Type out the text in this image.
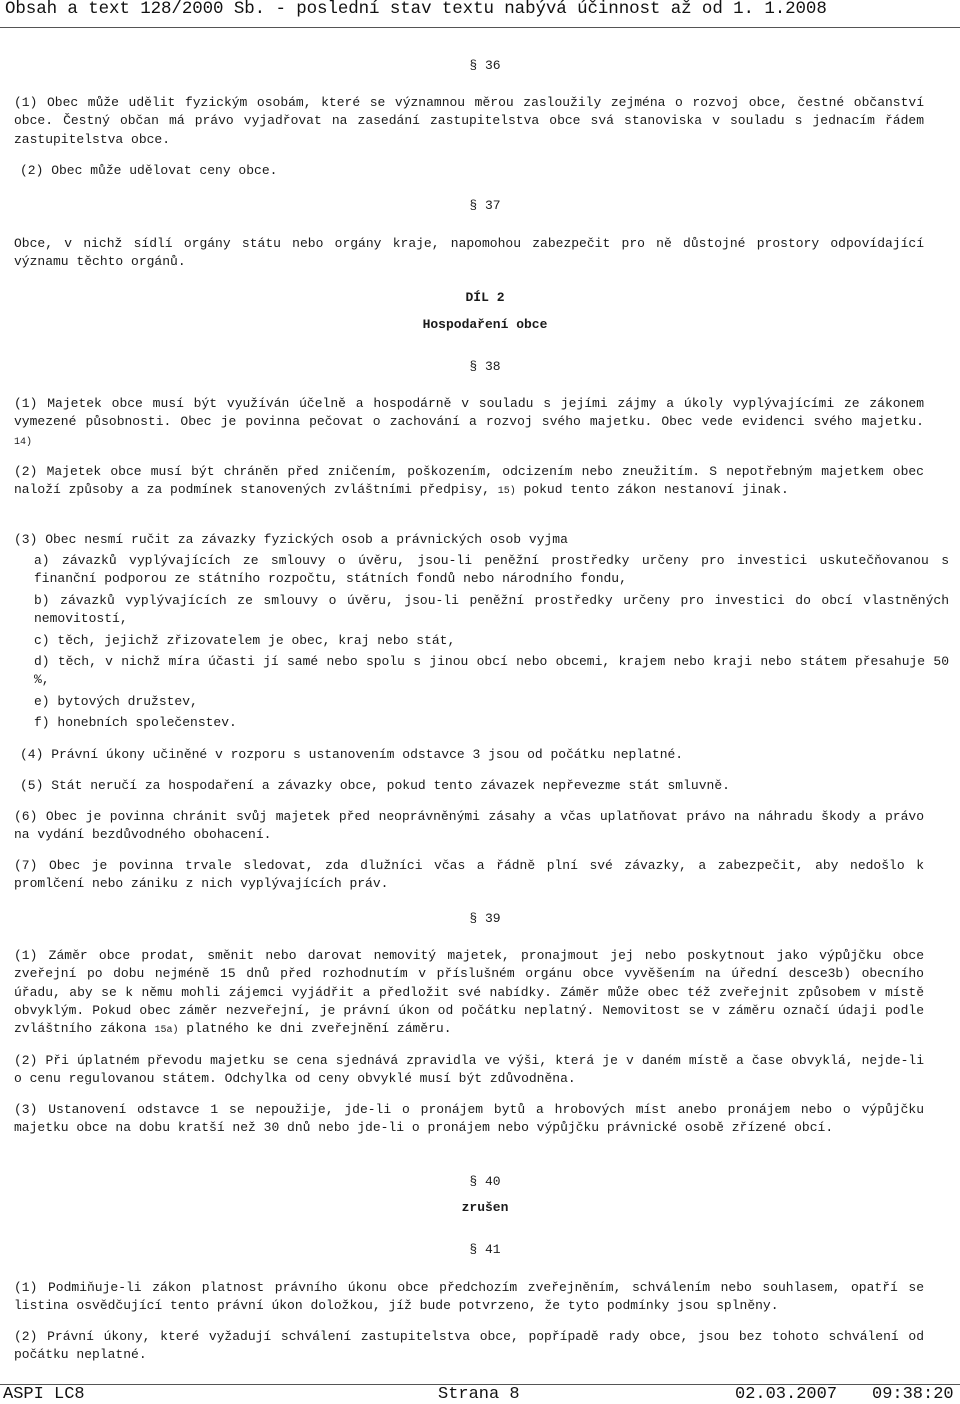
Obsah a text 128/2000 Sb. - poslední stav textu nabývá účinnost až od 1. 1.2008
§ 36
(1) Obec může udělit fyzickým osobám, které se významnou měrou zasloužily zejména o rozvoj obce, čestné občanství obce. Čestný občan má právo vyjadřovat na zasedání zastupitelstva obce svá stanoviska v souladu s jednacím řádem zastupitelstva obce.
(2) Obec může udělovat ceny obce.
§ 37
Obce, v nichž sídlí orgány státu nebo orgány kraje, napomohou zabezpečit pro ně důstojné prostory odpovídající významu těchto orgánů.
DÍL 2
Hospodaření obce
§ 38
(1) Majetek obce musí být využíván účelně a hospodárně v souladu s jejími zájmy a úkoly vyplývajícími ze zákonem vymezené působnosti. Obec je povinna pečovat o zachování a rozvoj svého majetku. Obec vede evidenci svého majetku. 14)
(2) Majetek obce musí být chráněn před zničením, poškozením, odcizením nebo zneužitím. S nepotřebným majetkem obec naloží způsoby a za podmínek stanovených zvláštními předpisy, 15) pokud tento zákon nestanoví jinak.
(3) Obec nesmí ručit za závazky fyzických osob a právnických osob vyjma
a) závazků vyplývajících ze smlouvy o úvěru, jsou-li peněžní prostředky určeny pro investici uskutečňovanou s finanční podporou ze státního rozpočtu, státních fondů nebo národního fondu,
b) závazků vyplývajících ze smlouvy o úvěru, jsou-li peněžní prostředky určeny pro investici do obcí vlastněných nemovitostí,
c) těch, jejichž zřizovatelem je obec, kraj nebo stát,
d) těch, v nichž míra účasti jí samé nebo spolu s jinou obcí nebo obcemi, krajem nebo kraji nebo státem přesahuje 50 %,
e) bytových družstev,
f) honebních společenstev.
(4) Právní úkony učiněné v rozporu s ustanovením odstavce 3 jsou od počátku neplatné.
(5) Stát neručí za hospodaření a závazky obce, pokud tento závazek nepřevezme stát smluvně.
(6) Obec je povinna chránit svůj majetek před neoprávněnými zásahy a včas uplatňovat právo na náhradu škody a právo na vydání bezdůvodného obohacení.
(7) Obec je povinna trvale sledovat, zda dlužníci včas a řádně plní své závazky, a zabezpečit, aby nedošlo k promlčení nebo zániku z nich vyplývajících práv.
§ 39
(1) Záměr obce prodat, směnit nebo darovat nemovitý majetek, pronajmout jej nebo poskytnout jako výpůjčku obce zveřejní po dobu nejméně 15 dnů před rozhodnutím v příslušném orgánu obce vyvěšením na úřední desce3b) obecního úřadu, aby se k němu mohli zájemci vyjádřit a předložit své nabídky. Záměr může obec též zveřejnit způsobem v místě obvyklým. Pokud obec záměr nezveřejní, je právní úkon od počátku neplatný. Nemovitost se v záměru označí údaji podle zvláštního zákona 15a) platného ke dni zveřejnění záměru.
(2) Při úplatném převodu majetku se cena sjednává zpravidla ve výši, která je v daném místě a čase obvyklá, nejde-li o cenu regulovanou státem. Odchylka od ceny obvyklé musí být zdůvodněna.
(3) Ustanovení odstavce 1 se nepoužije, jde-li o pronájem bytů a hrobových míst anebo pronájem nebo o výpůjčku majetku obce na dobu kratší než 30 dnů nebo jde-li o pronájem nebo výpůjčku právnické osobě zřízené obcí.
§ 40
zrušen
§ 41
(1) Podmiňuje-li zákon platnost právního úkonu obce předchozím zveřejněním, schválením nebo souhlasem, opatří se listina osvědčující tento právní úkon doložkou, jíž bude potvrzeno, že tyto podmínky jsou splněny.
(2) Právní úkony, které vyžadují schválení zastupitelstva obce, popřípadě rady obce, jsou bez tohoto schválení od počátku neplatné.
ASPI LC8	Strana 8	02.03.2007 09:38:20
